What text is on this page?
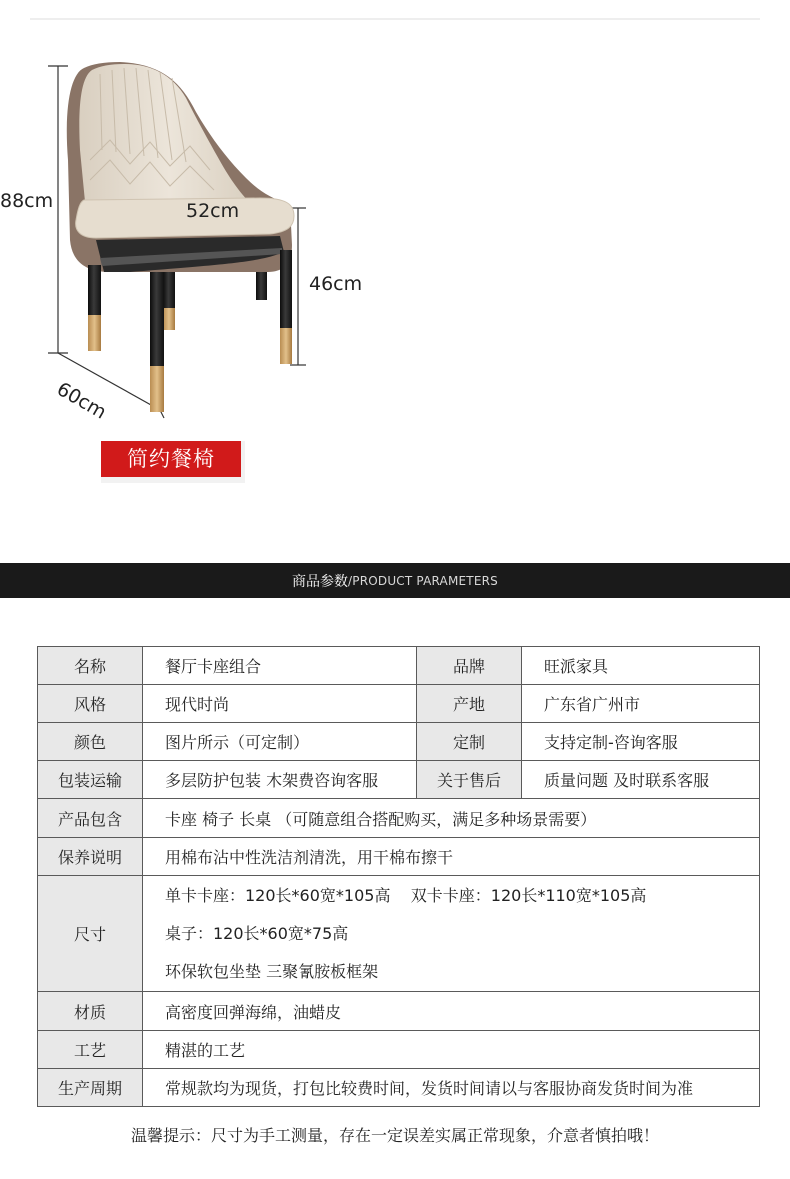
88cm	52cm
46cm
60cm
简约餐椅
商品参数 / PRODUCT PARAMETERS
名称	餐厅卡座组合	品牌	旺派家具
风格	现代时尚	产地	广东省广州市
颜色	图片所示（可定制）	定制	支持定制-咨询客服
包装运输	多层防护包装 木架费咨询客服	关于售后	质量问题 及时联系客服
产品包含	卡座 椅子 长桌 （可随意组合搭配购买，满足多种场景需要）		
保养说明	用棉布沾中性洗洁剂清洗，用干棉布擦干		
尺寸	单卡卡座：120长*60宽*105高    双卡卡座：120长*110宽*105高
桌子：120长*60宽*75高
环保软包坐垫 三聚氰胺板框架		

材质	高密度回弹海绵，油蜡皮		
工艺	精湛的工艺		
生产周期	常规款均为现货，打包比较费时间，发货时间请以与客服协商发货时间为准		
温馨提示：尺寸为手工测量，存在一定误差实属正常现象，介意者慎拍哦！
